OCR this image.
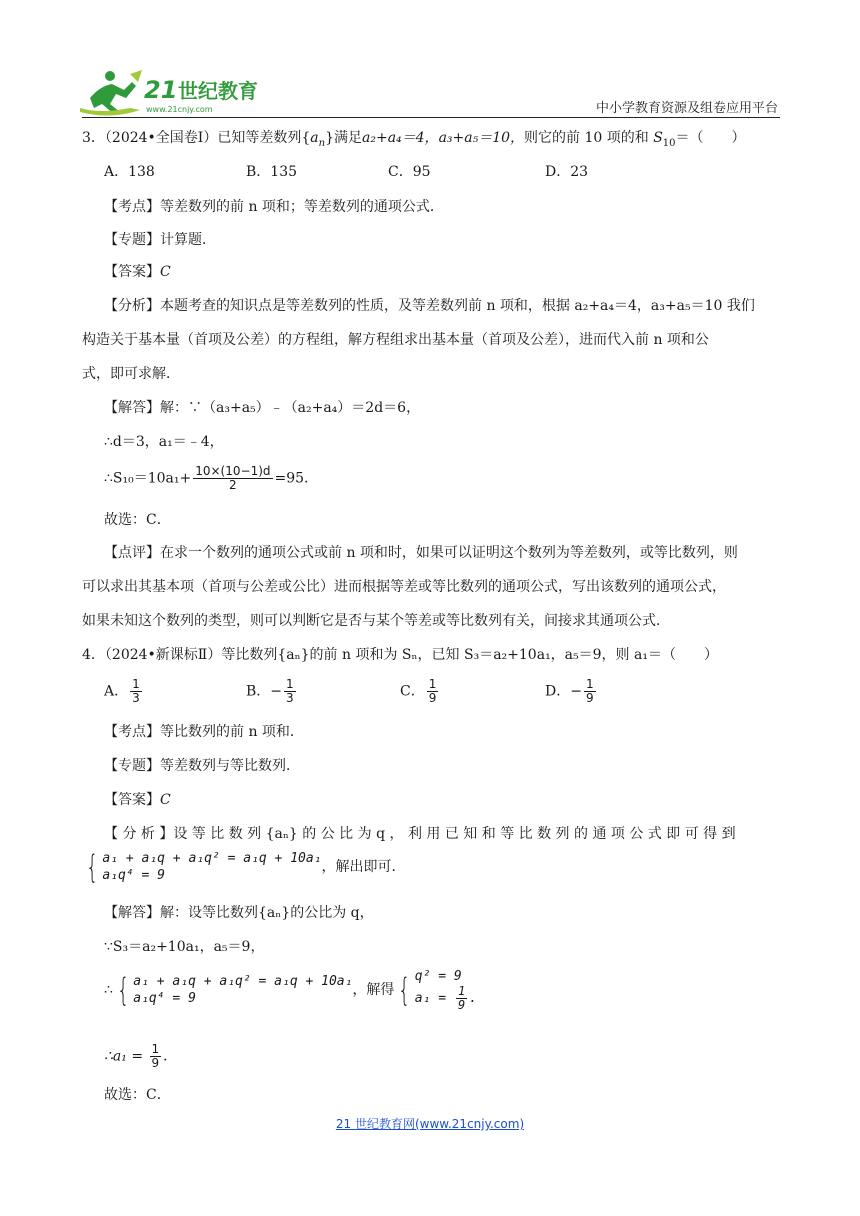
21 世纪教育
www.21cnjy.com	中小学教育资源及组卷应用平台
3．（2024•全国卷Ⅰ）已知等差数列$\{a_n\}$满足a₂+a₄＝4，a₃+a₅＝10，则它的前 10 项的和 $S_{10}=$（　　）
A．138	B．135	C．95	D．23
【考点】等差数列的前 n 项和；等差数列的通项公式．
【专题】计算题．
【答案】C
【分析】本题考查的知识点是等差数列的性质，及等差数列前 n 项和，根据 a₂+a₄＝4，a₃+a₅＝10 我们
构造关于基本量（首项及公差）的方程组，解方程组求出基本量（首项及公差），进而代入前 n 项和公
式，即可求解．
【解答】解：∵（a₃+a₅）﹣（a₂+a₄）＝2d＝6，
∴d＝3，a₁＝﹣4，
∴S₁₀＝10a₁+ $\frac{10\times(10-1)d}{2} =95$．
故选：C．
【点评】在求一个数列的通项公式或前 n 项和时，如果可以证明这个数列为等差数列，或等比数列，则
可以求出其基本项（首项与公差或公比）进而根据等差或等比数列的通项公式，写出该数列的通项公式，
如果未知这个数列的类型，则可以判断它是否与某个等差或等比数列有关，间接求其通项公式．
4．（2024•新课标Ⅱ）等比数列{aₙ}的前 n 项和为 Sₙ，已知 S₃＝a₂+10a₁，a₅＝9，则 a₁＝（　　）
A． $\frac{1}{3}$	B．− $\frac{1}{3}$	C． $\frac{1}{9}$	D．− $\frac{1}{9}$
【考点】等比数列的前 n 项和．
【专题】等差数列与等比数列．
【答案】C
【 分 析 】设 等 比 数 列 {aₙ} 的 公 比 为 q ， 利 用 已 知 和 等 比 数 列 的 通 项 公 式 即 可 得 到
{ a₁ + a₁q + a₁q² = a₁q + 10a₁
a₁q⁴ = 9
，解出即可．
【解答】解：设等比数列{aₙ}的公比为 q，
∵S₃＝a₂+10a₁，a₅＝9，
∴ { a₁ + a₁q + a₁q² = a₁q + 10a₁
a₁q⁴ = 9
，解得 { q² = 9
$a_1 = \frac{1}{9}$ .
∴a₁ = $\frac{1}{9}$ ．
故选：C．
21 世纪教育网(www.21cnjy.com)
